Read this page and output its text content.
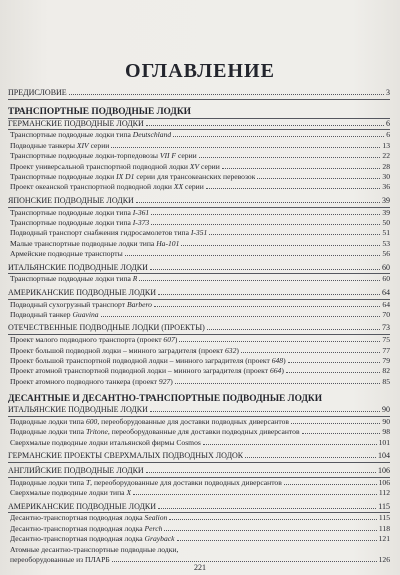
ОГЛАВЛЕНИЕ
ПРЕДИСЛОВИЕ	3
ТРАНСПОРТНЫЕ ПОДВОДНЫЕ ЛОДКИ
ГЕРМАНСКИЕ ПОДВОДНЫЕ ЛОДКИ	6
Транспортные подводные лодки типа Deutschland	6
Подводные танкеры XIV серии	13
Транспортные подводные лодки-торпедовозы VII F серии	22
Проект универсальной транспортной подводной лодки XV серии	28
Транспортные подводные лодки IX D1 серии для трансокеанских перевозок	30
Проект океанской транспортной подводной лодки XX серии	36
ЯПОНСКИЕ ПОДВОДНЫЕ ЛОДКИ	39
Транспортные подводные лодки типа I-361	39
Транспортные подводные лодки типа I-373	50
Подводный транспорт снабжения гидросамолетов типа I-351	51
Малые транспортные подводные лодки типа Ha-101	53
Армейские подводные транспорты	56
ИТАЛЬЯНСКИЕ ПОДВОДНЫЕ ЛОДКИ	60
Транспортные подводные лодки типа R	60
АМЕРИКАНСКИЕ ПОДВОДНЫЕ ЛОДКИ	64
Подводный сухогрузный транспорт Barbero	64
Подводный танкер Guavina	70
ОТЕЧЕСТВЕННЫЕ ПОДВОДНЫЕ ЛОДКИ (ПРОЕКТЫ)	73
Проект малого подводного транспорта (проект 607)	75
Проект большой подводной лодки – минного заградителя (проект 632)	77
Проект большой транспортной подводной лодки – минного заградителя (проект 648)	79
Проект атомной транспортной подводной лодки – минного заградителя (проект 664)	82
Проект атомного подводного танкера (проект 927)	85
ДЕСАНТНЫЕ И ДЕСАНТНО-ТРАНСПОРТНЫЕ ПОДВОДНЫЕ ЛОДКИ
ИТАЛЬЯНСКИЕ ПОДВОДНЫЕ ЛОДКИ	90
Подводные лодки типа 600, переоборудованные для доставки подводных диверсантов	90
Подводные лодки типа Tritone, переоборудованные для доставки подводных диверсантов	98
Сверхмалые подводные лодки итальянской фирмы Cosmos	101
ГЕРМАНСКИЕ ПРОЕКТЫ СВЕРХМАЛЫХ ПОДВОДНЫХ ЛОДОК	104
АНГЛИЙСКИЕ ПОДВОДНЫЕ ЛОДКИ	106
Подводные лодки типа T, переоборудованные для доставки подводных диверсантов	106
Сверхмалые подводные лодки типа X	112
АМЕРИКАНСКИЕ ПОДВОДНЫЕ ЛОДКИ	115
Десантно-транспортная подводная лодка Sealion	115
Десантно-транспортная подводная лодка Perch	118
Десантно-транспортная подводная лодка Grayback	121
Атомные десантно-транспортные подводные лодки,
переоборудованные из ПЛАРБ	126
221
